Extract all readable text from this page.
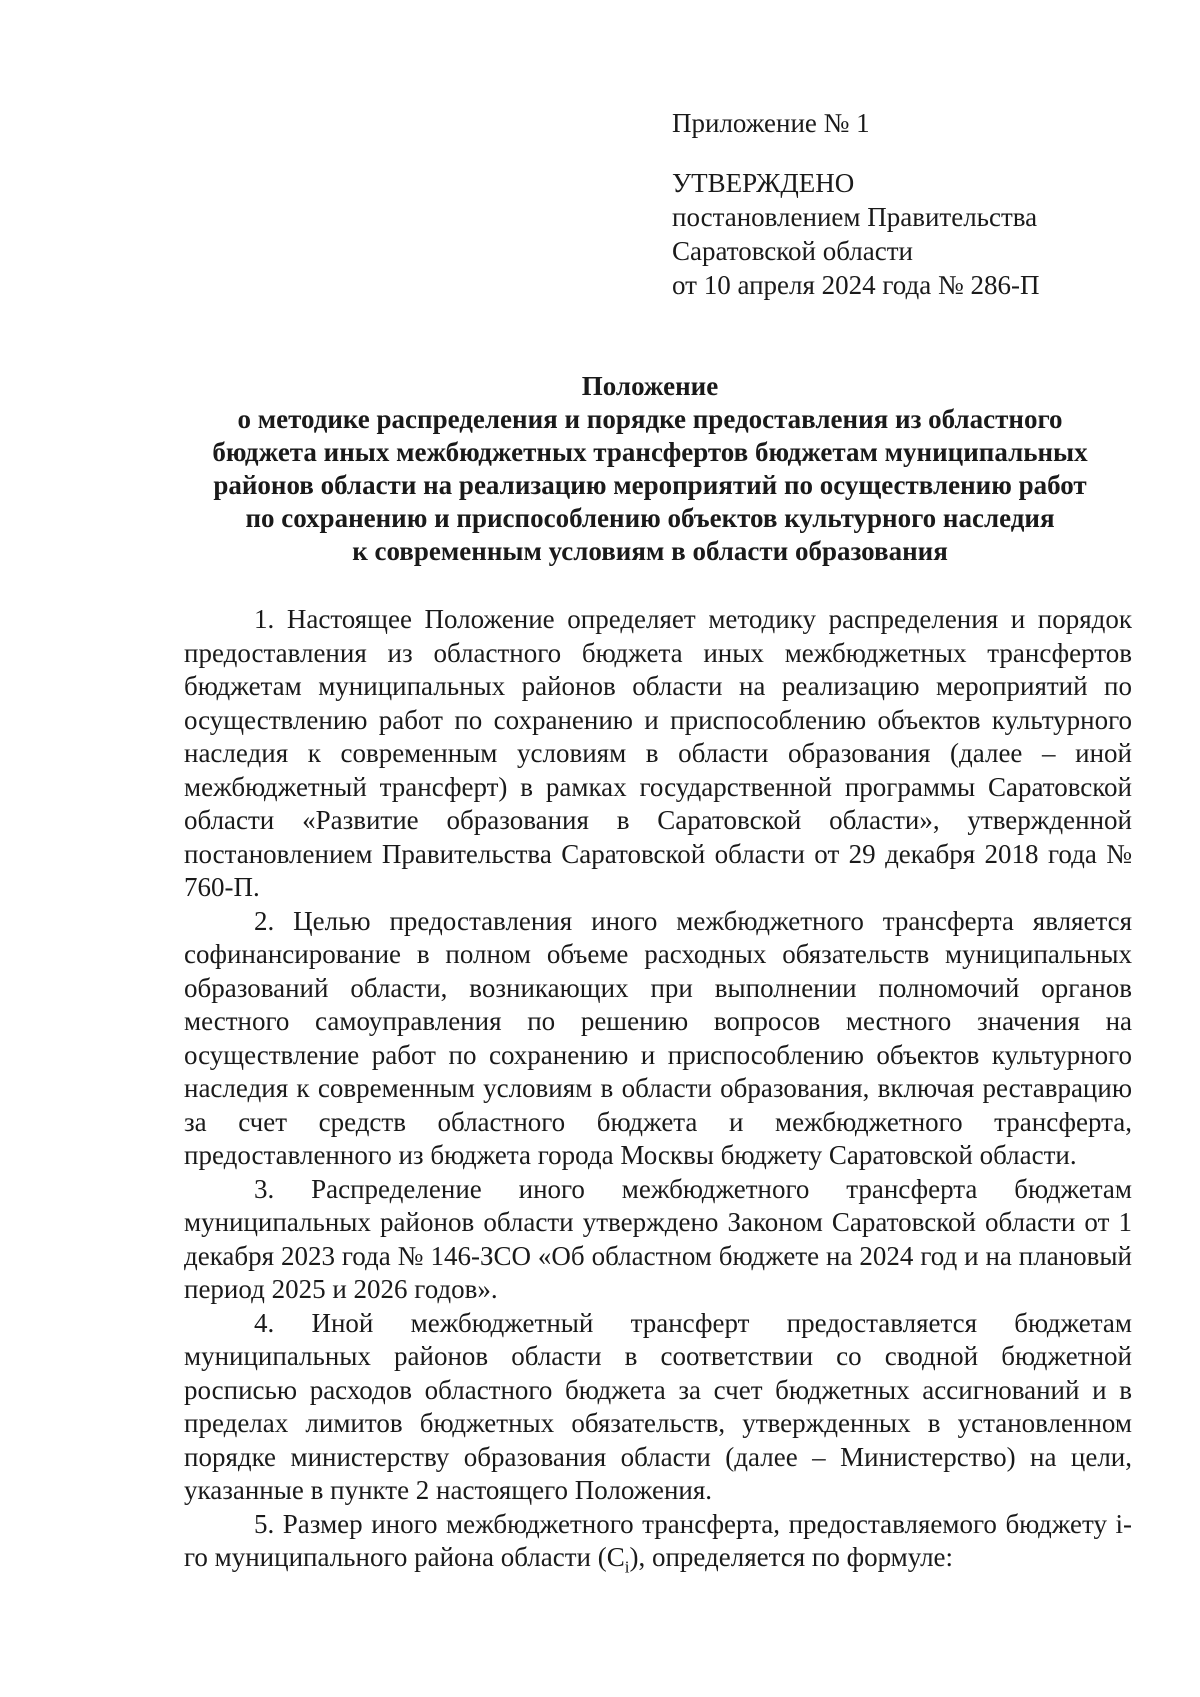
Приложение № 1
УТВЕРЖДЕНО
постановлением Правительства
Саратовской области
от 10 апреля 2024 года № 286-П
Положение
о методике распределения и порядке предоставления из областного
бюджета иных межбюджетных трансфертов бюджетам муниципальных
районов области на реализацию мероприятий по осуществлению работ
по сохранению и приспособлению объектов культурного наследия
к современным условиям в области образования

1. Настоящее Положение определяет методику распределения и порядок предоставления из областного бюджета иных межбюджетных трансфертов бюджетам муниципальных районов области на реализацию мероприятий по осуществлению работ по сохранению и приспособлению объектов культурного наследия к современным условиям в области образования (далее – иной межбюджетный трансферт) в рамках государственной программы Саратовской области «Развитие образования в Саратовской области», утвержденной постановлением Правительства Саратовской области от 29 декабря 2018 года № 760-П.

2. Целью предоставления иного межбюджетного трансферта является софинансирование в полном объеме расходных обязательств муниципальных образований области, возникающих при выполнении полномочий органов местного самоуправления по решению вопросов местного значения на осуществление работ по сохранению и приспособлению объектов культурного наследия к современным условиям в области образования, включая реставрацию за счет средств областного бюджета и межбюджетного трансферта, предоставленного из бюджета города Москвы бюджету Саратовской области.

3. Распределение иного межбюджетного трансферта бюджетам муниципальных районов области утверждено Законом Саратовской области от 1 декабря 2023 года № 146-ЗСО «Об областном бюджете на 2024 год и на плановый период 2025 и 2026 годов».

4. Иной межбюджетный трансферт предоставляется бюджетам муниципальных районов области в соответствии со сводной бюджетной росписью расходов областного бюджета за счет бюджетных ассигнований и в пределах лимитов бюджетных обязательств, утвержденных в установленном порядке министерству образования области (далее – Министерство) на цели, указанные в пункте 2 настоящего Положения.

5. Размер иного межбюджетного трансферта, предоставляемого бюджету i-го муниципального района области $(C_i)$, определяется по формуле:
